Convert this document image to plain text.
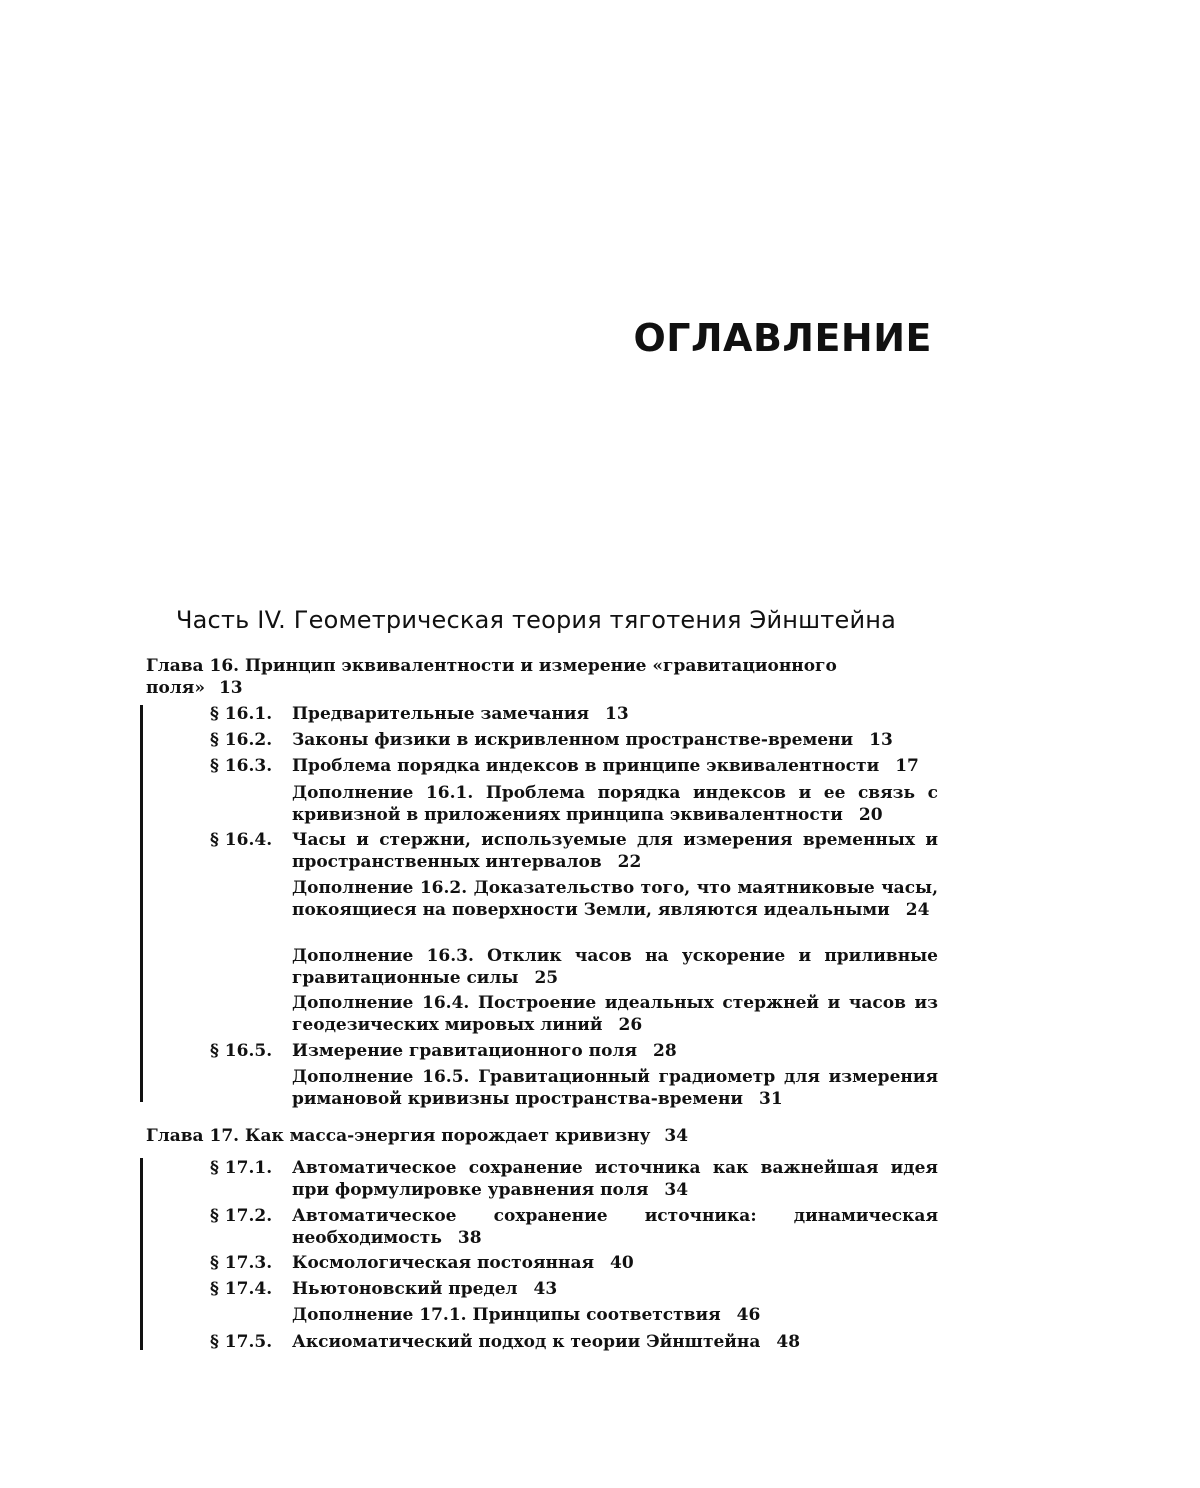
ОГЛАВЛЕНИЕ
Часть IV. Геометрическая теория тяготения Эйнштейна
Глава 16. Принцип эквивалентности и измерение «гравитационного поля» 13
§ 16.1.	Предварительные замечания 13
§ 16.2.	Законы физики в искривленном пространстве-времени 13
§ 16.3.	Проблема порядка индексов в принципе эквивалентности 17
Дополнение 16.1. Проблема порядка индексов и ее связь с кривизной в приложениях принципа эквивалентности 20
§ 16.4.	Часы и стержни, используемые для измерения временных и пространственных интервалов 22
Дополнение 16.2. Доказательство того, что маятниковые часы, покоящиеся на поверхности Земли, являются идеальными 24
Дополнение 16.3. Отклик часов на ускорение и приливные гравитационные силы 25
Дополнение 16.4. Построение идеальных стержней и часов из геодезических мировых линий 26
§ 16.5.	Измерение гравитационного поля 28
Дополнение 16.5. Гравитационный градиометр для измерения римановой кривизны пространства-времени 31
Глава 17. Как масса-энергия порождает кривизну 34
§ 17.1.	Автоматическое сохранение источника как важнейшая идея при формулировке уравнения поля 34
§ 17.2.	Автоматическое сохранение источника: динамическая необходимость 38
§ 17.3.	Космологическая постоянная 40
§ 17.4.	Ньютоновский предел 43
Дополнение 17.1. Принципы соответствия 46
§ 17.5.	Аксиоматический подход к теории Эйнштейна 48
